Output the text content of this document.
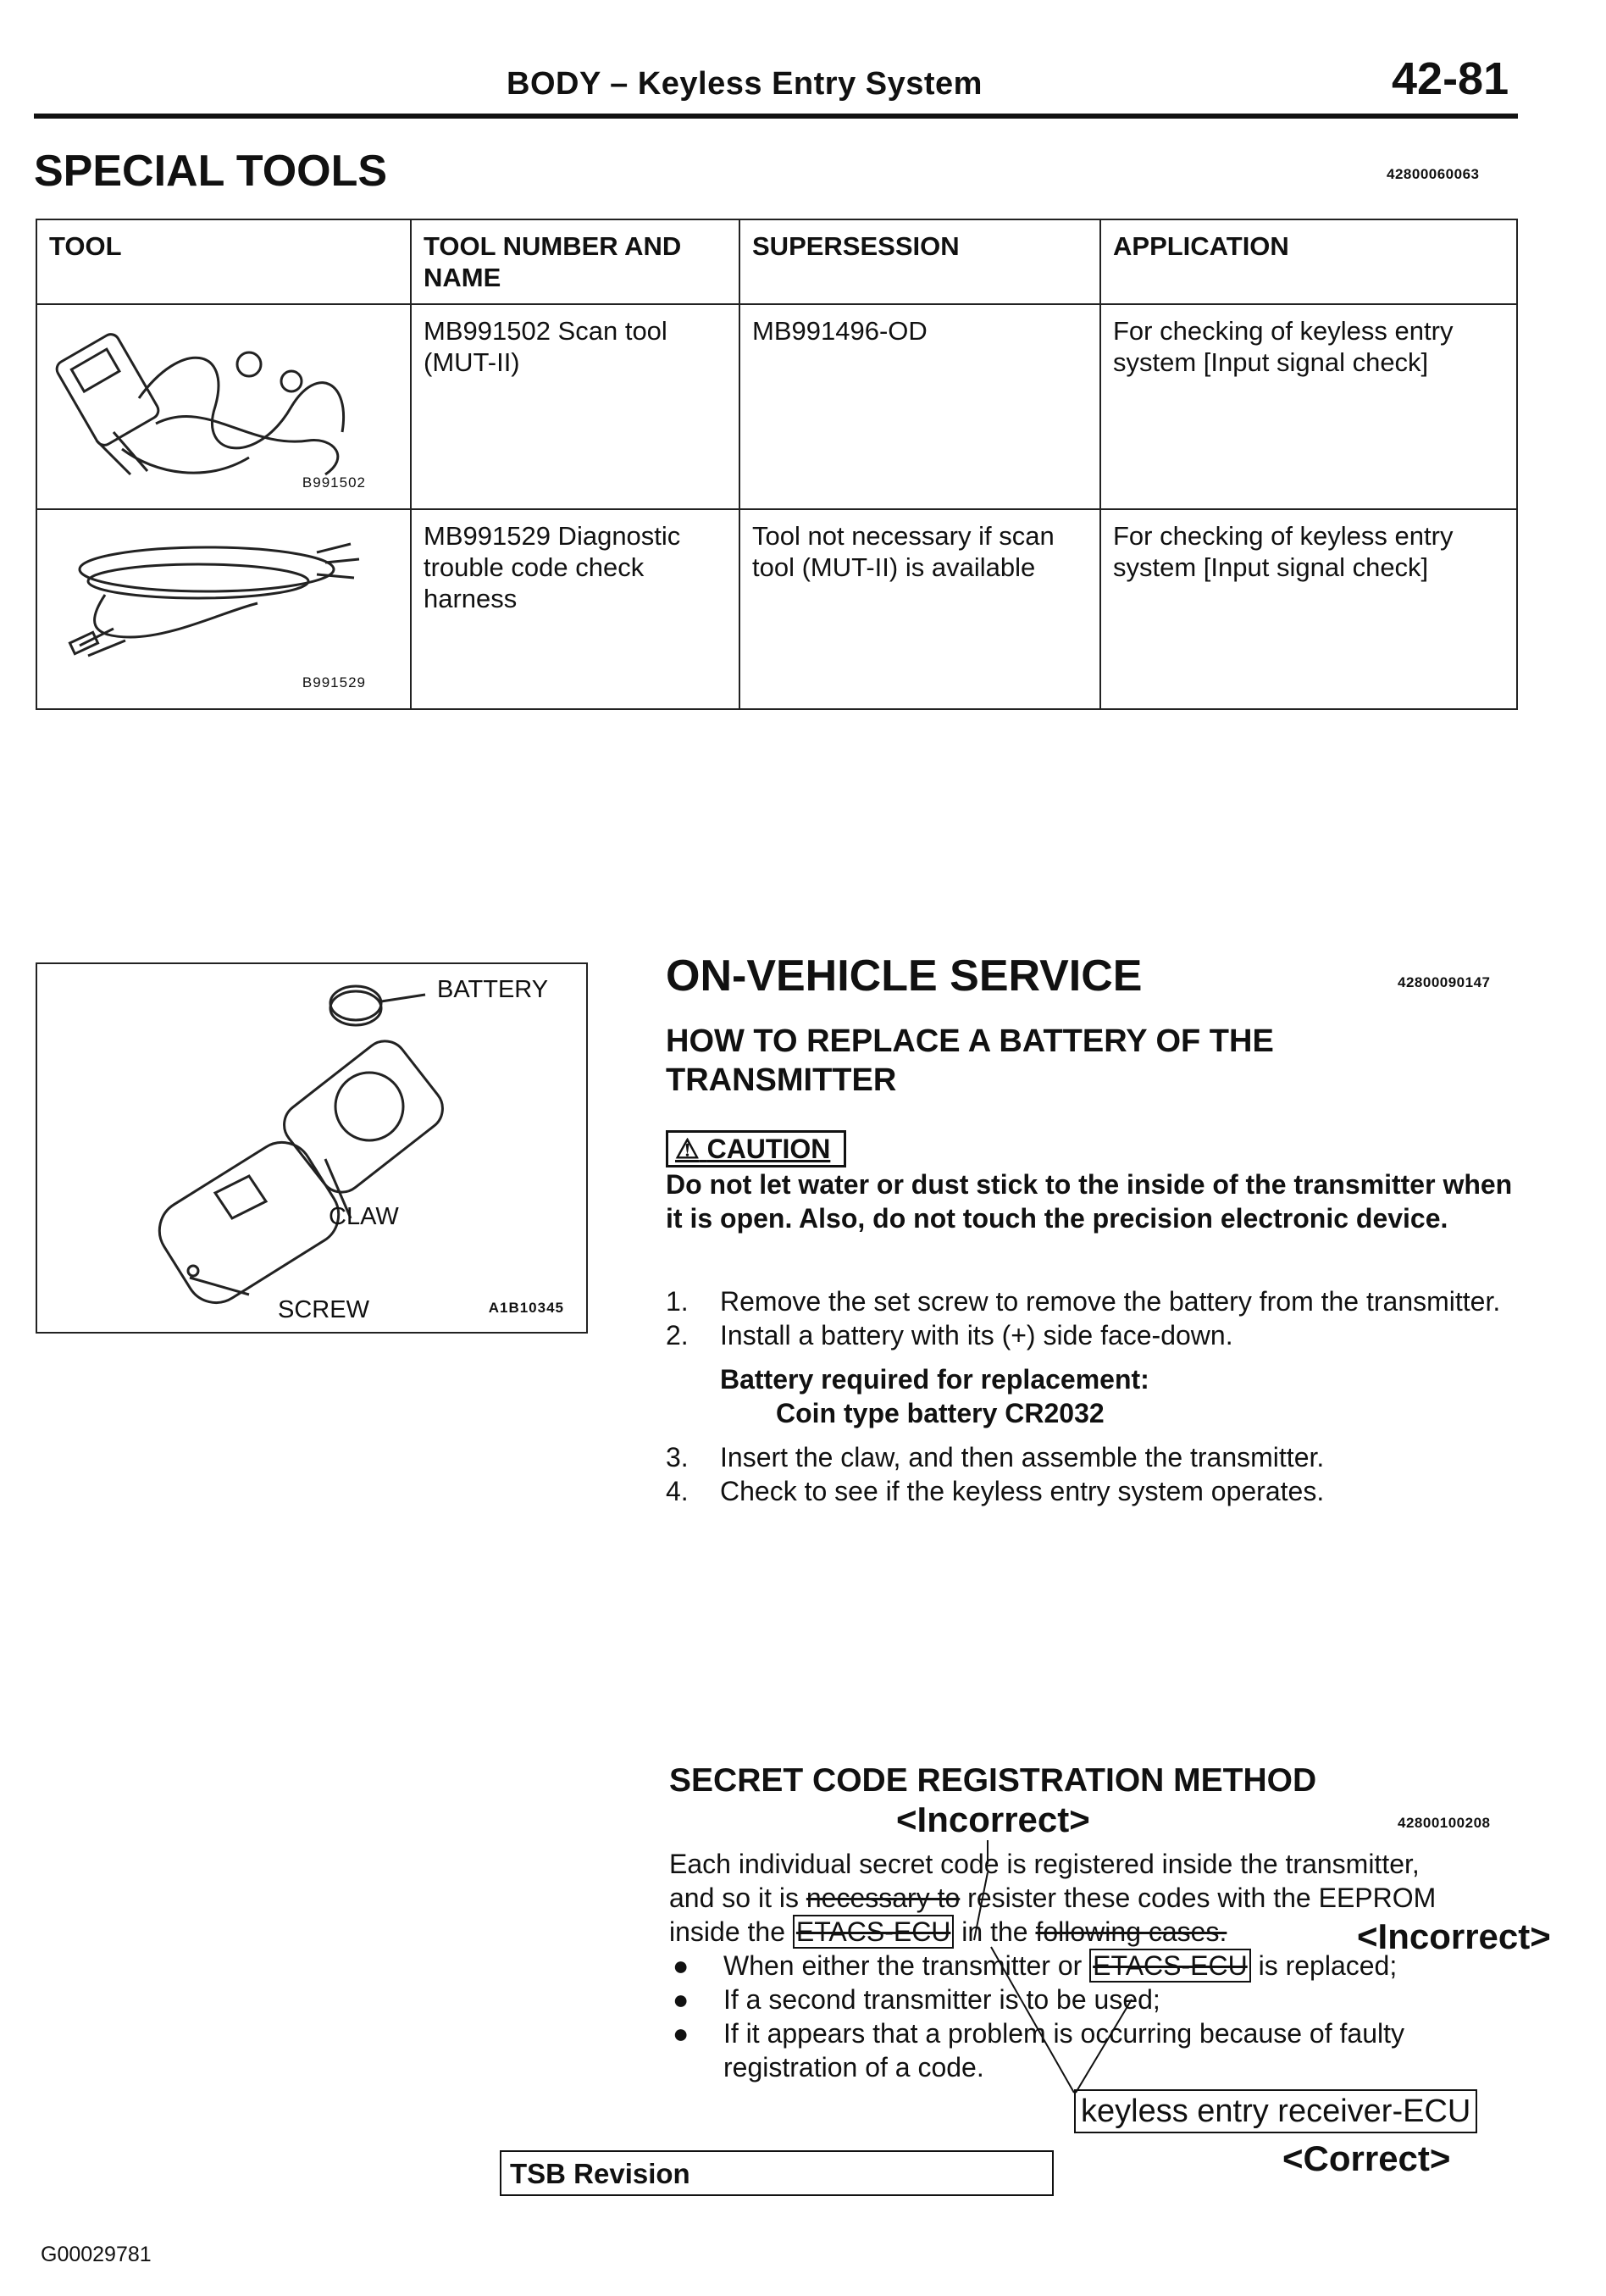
BODY – Keyless Entry System	42-81
SPECIAL TOOLS	42800060063
TOOL	TOOL NUMBER AND NAME	SUPERSESSION	APPLICATION

B991502	MB991502 Scan tool (MUT-II)	MB991496-OD	For checking of keyless entry system [Input signal check]

B991529	MB991529 Diagnostic trouble code check harness	Tool not necessary if scan tool (MUT-II) is available	For checking of keyless entry system [Input signal check]
BATTERY
CLAW
SCREW	A1B10345
ON-VEHICLE SERVICE	42800090147
HOW TO REPLACE A BATTERY OF THE TRANSMITTER
⚠ CAUTION
Do not let water or dust stick to the inside of the transmitter when it is open. Also, do not touch the precision electronic device.
1. Remove the set screw to remove the battery from the transmitter.
2. Install a battery with its (+) side face-down.
Battery required for replacement:
Coin type battery CR2032
3. Insert the claw, and then assemble the transmitter.
4. Check to see if the keyless entry system operates.
SECRET CODE REGISTRATION METHOD
<Incorrect>	42800100208
Each individual secret code is registered inside the transmitter,
and so it is necessary to resister these codes with the EEPROM
inside the ETACS-ECU in the following cases.
● When either the transmitter or ETACS-ECU is replaced;
● If a second transmitter is to be used;
● If it appears that a problem is occurring because of faulty registration of a code.
<Incorrect>
keyless entry receiver-ECU
<Correct>
TSB Revision
G00029781
